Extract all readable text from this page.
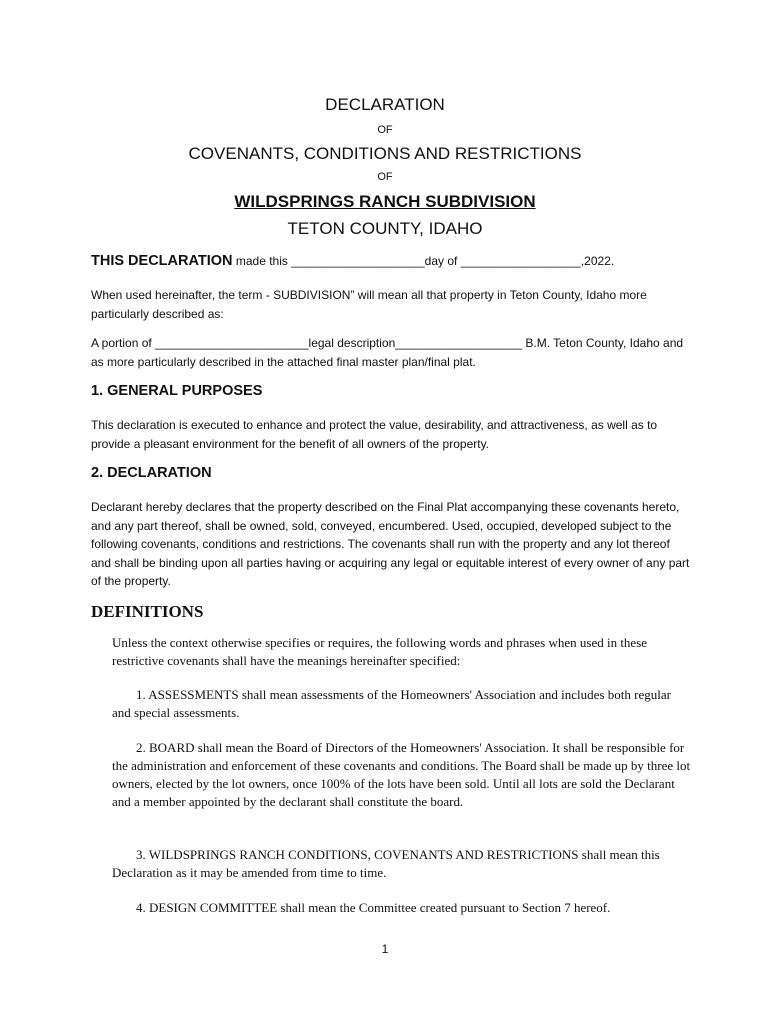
DECLARATION
OF
COVENANTS, CONDITIONS AND RESTRICTIONS
OF
WILDSPRINGS RANCH SUBDIVISION
TETON COUNTY, IDAHO
THIS DECLARATION made this ____________________day of __________________,2022.
When used hereinafter, the term - SUBDIVISION” will mean all that property in Teton County, Idaho more particularly described as:
A portion of _______________________legal description___________________ B.M. Teton County, Idaho and as more particularly described in the attached final master plan/final plat.
1. GENERAL PURPOSES
This declaration is executed to enhance and protect the value, desirability, and attractiveness, as well as to provide a pleasant environment for the benefit of all owners of the property.
2. DECLARATION
Declarant hereby declares that the property described on the Final Plat accompanying these covenants hereto, and any part thereof, shall be owned, sold, conveyed, encumbered. Used, occupied, developed subject to the following covenants, conditions and restrictions. The covenants shall run with the property and any lot thereof and shall be binding upon all parties having or acquiring any legal or equitable interest of every owner of any part of the property.
DEFINITIONS
Unless the context otherwise specifies or requires, the following words and phrases when used in these restrictive covenants shall have the meanings hereinafter specified:
1. ASSESSMENTS shall mean assessments of the Homeowners' Association and includes both regular and special assessments.
2. BOARD shall mean the Board of Directors of the Homeowners' Association. It shall be responsible for the administration and enforcement of these covenants and conditions. The Board shall be made up by three lot owners, elected by the lot owners, once 100% of the lots have been sold. Until all lots are sold the Declarant and a member appointed by the declarant shall constitute the board.
3. WILDSPRINGS RANCH CONDITIONS, COVENANTS AND RESTRICTIONS shall mean this Declaration as it may be amended from time to time.
4. DESIGN COMMITTEE shall mean the Committee created pursuant to Section 7 hereof.
1
